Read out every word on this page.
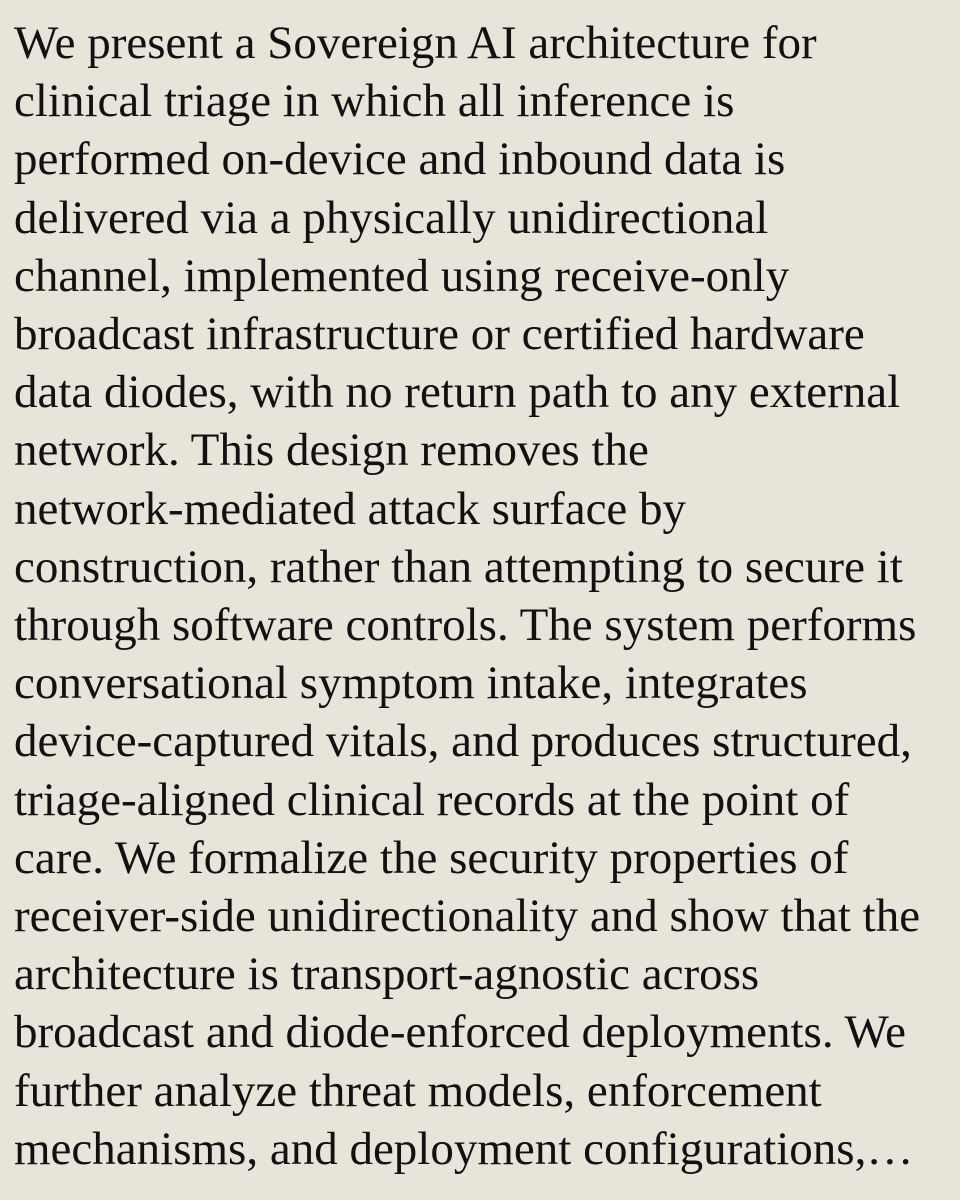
We present a Sovereign AI architecture for
clinical triage in which all inference is
performed on-device and inbound data is
delivered via a physically unidirectional
channel, implemented using receive-only
broadcast infrastructure or certified hardware
data diodes, with no return path to any external
network. This design removes the
network-mediated attack surface by
construction, rather than attempting to secure it
through software controls. The system performs
conversational symptom intake, integrates
device-captured vitals, and produces structured,
triage-aligned clinical records at the point of
care. We formalize the security properties of
receiver-side unidirectionality and show that the
architecture is transport-agnostic across
broadcast and diode-enforced deployments. We
further analyze threat models, enforcement
mechanisms, and deployment configurations,…
